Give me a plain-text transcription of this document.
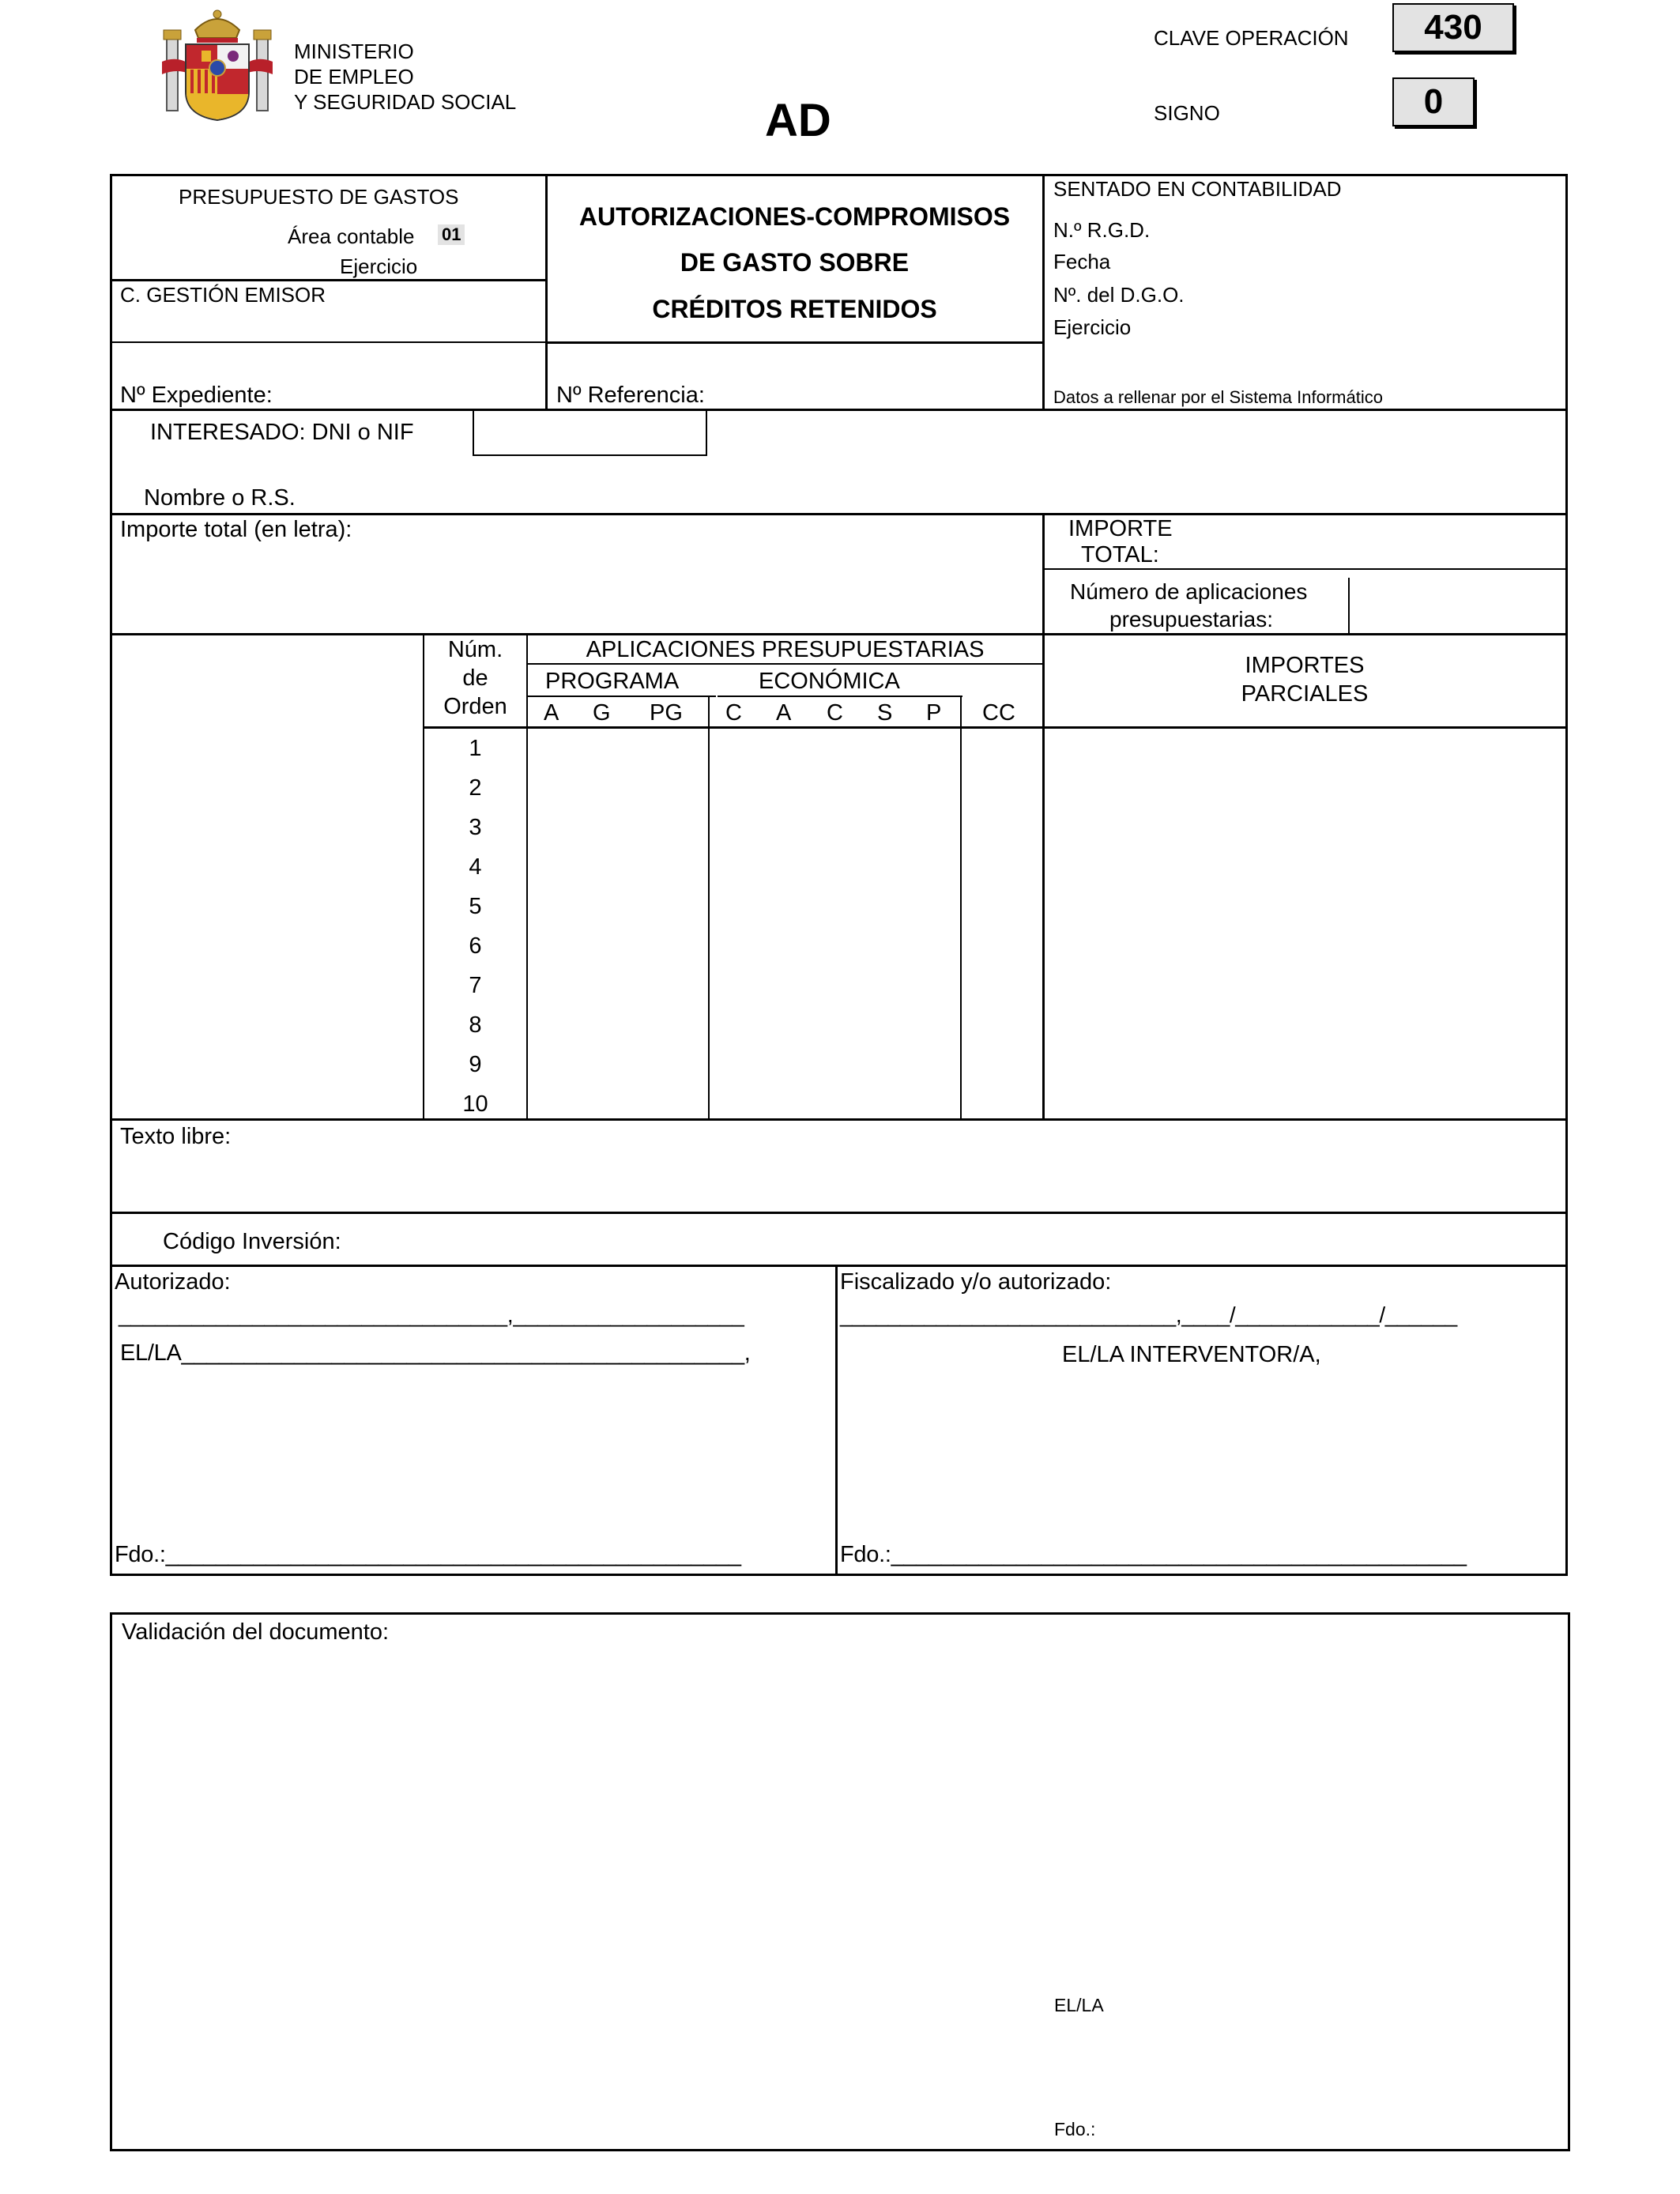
MINISTERIO
DE EMPLEO
Y SEGURIDAD SOCIAL	AD
CLAVE OPERACIÓN	430
SIGNO	0
PRESUPUESTO DE GASTOS
Área contable 01
Ejercicio
C. GESTIÓN EMISOR
AUTORIZACIONES-COMPROMISOS
DE GASTO SOBRE
CRÉDITOS RETENIDOS
SENTADO EN CONTABILIDAD
N.º R.G.D.
Fecha
Nº. del D.G.O.
Ejercicio
Datos a rellenar por el Sistema Informático
Nº Expediente:	Nº Referencia:
INTERESADO: DNI o NIF
Nombre o R.S.
Importe total (en letra):	IMPORTE
TOTAL:
Número de aplicaciones
presupuestarias:
Núm.
de
Orden
APLICACIONES PRESUPUESTARIAS
PROGRAMA	ECONÓMICA
A G PG C A C S P CC
IMPORTES
PARCIALES
1
2
3
4
5
6
7
8
9
10
Texto libre:
Código Inversión:
Autorizado:
________________________________,___________________
EL/LA_____________________________________________,
Fdo.:______________________________________________
Fiscalizado y/o autorizado:
____________________________,____/____________/______
EL/LA INTERVENTOR/A,
Fdo.:______________________________________________
Validación del documento:
EL/LA
Fdo.:
